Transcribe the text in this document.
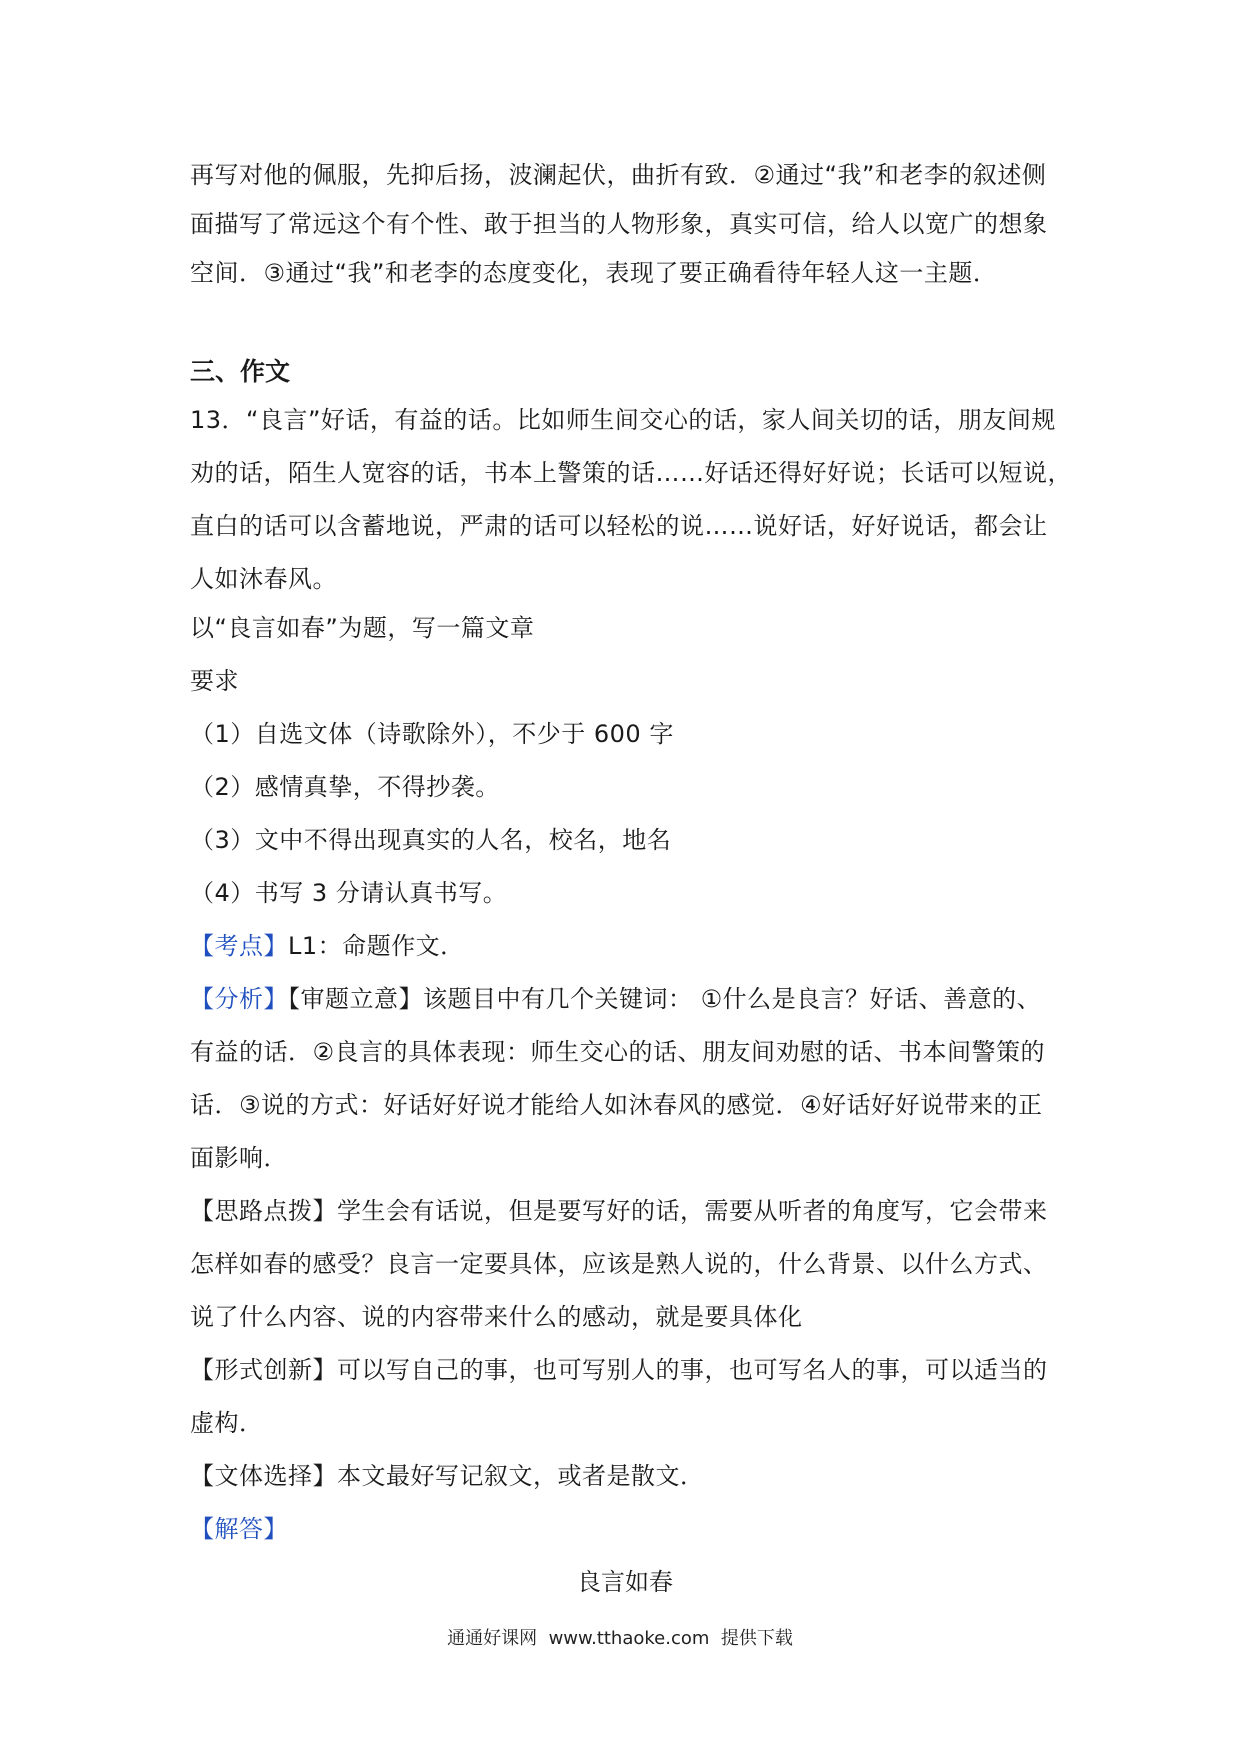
再写对他的佩服，先抑后扬，波澜起伏，曲折有致．②通过“我”和老李的叙述侧
面描写了常远这个有个性、敢于担当的人物形象，真实可信，给人以宽广的想象
空间．③通过“我”和老李的态度变化，表现了要正确看待年轻人这一主题．
三、作文
13．“良言”好话，有益的话。比如师生间交心的话，家人间关切的话，朋友间规
劝的话，陌生人宽容的话，书本上警策的话……好话还得好好说；长话可以短说，
直白的话可以含蓄地说，严肃的话可以轻松的说……说好话，好好说话，都会让
人如沐春风。
以“良言如春”为题，写一篇文章
要求
（1）自选文体（诗歌除外），不少于 600 字
（2）感情真挚，不得抄袭。
（3）文中不得出现真实的人名，校名，地名
（4）书写 3 分请认真书写。
【考点】L1：命题作文．
【分析】【审题立意】该题目中有几个关键词： ①什么是良言？好话、善意的、
有益的话．②良言的具体表现：师生交心的话、朋友间劝慰的话、书本间警策的
话．③说的方式：好话好好说才能给人如沐春风的感觉．④好话好好说带来的正
面影响．
【思路点拨】学生会有话说，但是要写好的话，需要从听者的角度写，它会带来
怎样如春的感受？良言一定要具体，应该是熟人说的，什么背景、以什么方式、
说了什么内容、说的内容带来什么的感动，就是要具体化
【形式创新】可以写自己的事，也可写别人的事，也可写名人的事，可以适当的
虚构．
【文体选择】本文最好写记叙文，或者是散文．
【解答】
良言如春
通通好课网  www.tthaoke.com  提供下载
